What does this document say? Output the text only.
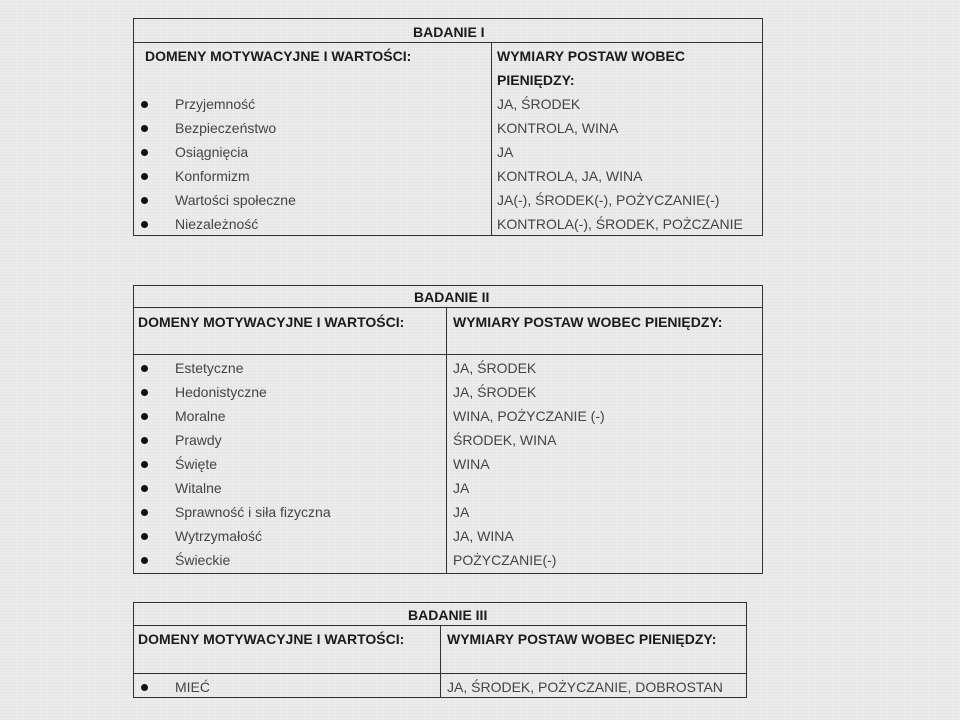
BADANIE I
DOMENY MOTYWACYJNE I WARTOŚCI:	WYMIARY POSTAW WOBEC
PIENIĘDZY:
Przyjemność	JA, ŚRODEK
Bezpieczeństwo	KONTROLA, WINA
Osiągnięcia	JA
Konformizm	KONTROLA, JA, WINA
Wartości społeczne	JA(-), ŚRODEK(-), POŻYCZANIE(-)
Niezależność	KONTROLA(-), ŚRODEK, POŻCZANIE
BADANIE II
DOMENY MOTYWACYJNE I WARTOŚCI:	WYMIARY POSTAW WOBEC PIENIĘDZY:
Estetyczne	JA, ŚRODEK
Hedonistyczne	JA, ŚRODEK
Moralne	WINA, POŻYCZANIE (-)
Prawdy	ŚRODEK, WINA
Święte	WINA
Witalne	JA
Sprawność i siła fizyczna	JA
Wytrzymałość	JA, WINA
Świeckie	POŻYCZANIE(-)
BADANIE III
DOMENY MOTYWACYJNE I WARTOŚCI:	WYMIARY POSTAW WOBEC PIENIĘDZY:
MIEĆ	JA, ŚRODEK, POŻYCZANIE, DOBROSTAN
